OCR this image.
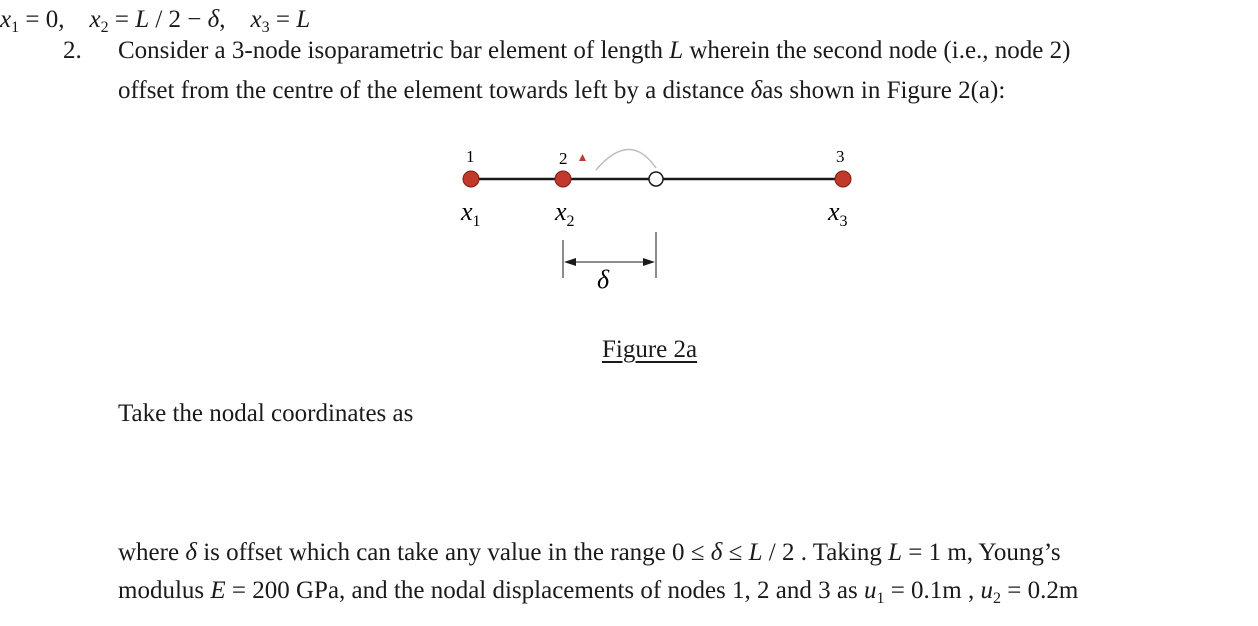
2. Consider a 3-node isoparametric bar element of length L wherein the second node (i.e., node 2)
offset from the centre of the element towards left by a distance δas shown in Figure 2(a):
1	2	3
$x_1$	$x_2$	$x_3$
δ
Figure 2a
Take the nodal coordinates as
$x_1 = 0$, $x_2 = L / 2 - \delta$, $x_3 = L$
where δ is offset which can take any value in the range 0 ≤ δ ≤ L / 2 . Taking L = 1 m, Young’s
modulus E = 200 GPa, and the nodal displacements of nodes 1, 2 and 3 as $u_1 = 0.1m$ , $u_2 = 0.2m$
